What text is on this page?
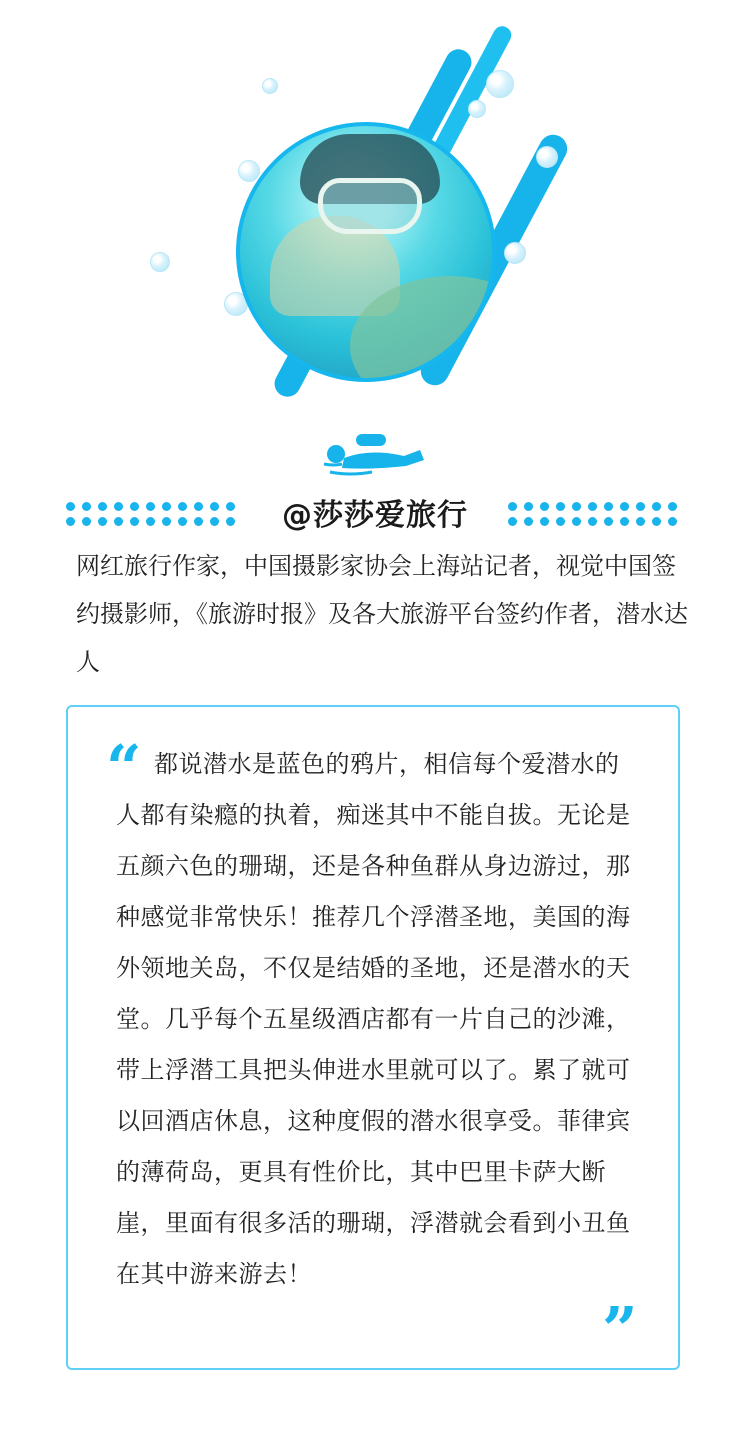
@莎莎爱旅行
网红旅行作家，中国摄影家协会上海站记者，视觉中国签约摄影师，《旅游时报》及各大旅游平台签约作者，潜水达人
“ 都说潜水是蓝色的鸦片，相信每个爱潜水的人都有染瘾的执着，痴迷其中不能自拔。无论是五颜六色的珊瑚，还是各种鱼群从身边游过，那种感觉非常快乐！推荐几个浮潜圣地，美国的海外领地关岛，不仅是结婚的圣地，还是潜水的天堂。几乎每个五星级酒店都有一片自己的沙滩，带上浮潜工具把头伸进水里就可以了。累了就可以回酒店休息，这种度假的潜水很享受。菲律宾的薄荷岛，更具有性价比，其中巴里卡萨大断崖，里面有很多活的珊瑚，浮潜就会看到小丑鱼在其中游来游去！
”
